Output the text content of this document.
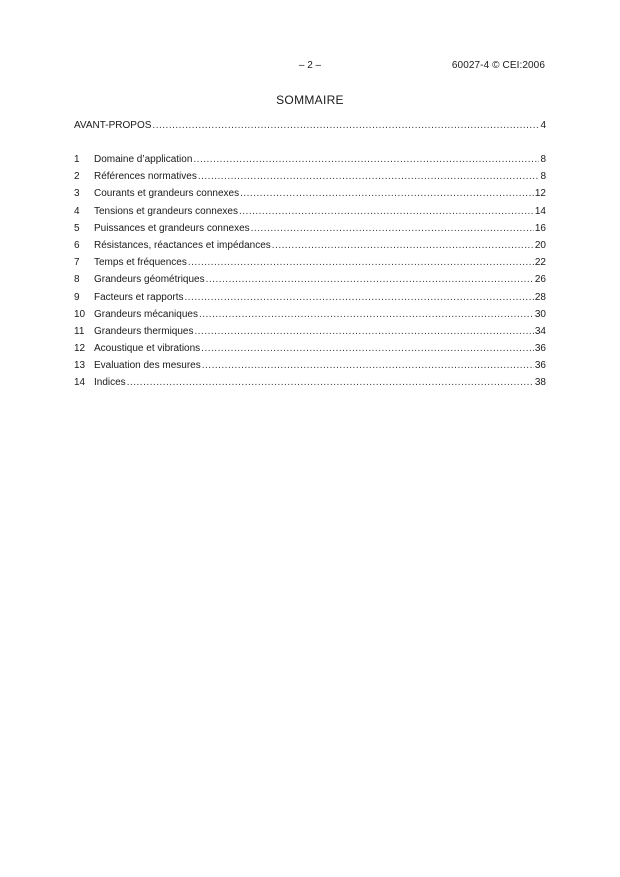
– 2 –	60027-4 © CEI:2006
SOMMAIRE
AVANT-PROPOS .....	4
1	Domaine d’application .....	8
2	Références normatives .....	8
3	Courants et grandeurs connexes .....	12
4	Tensions et grandeurs connexes .....	14
5	Puissances et grandeurs connexes .....	16
6	Résistances, réactances et impédances .....	20
7	Temps et fréquences .....	22
8	Grandeurs géométriques .....	26
9	Facteurs et rapports .....	28
10 Grandeurs mécaniques .....	30
11 Grandeurs thermiques .....	34
12 Acoustique et vibrations .....	36
13 Evaluation des mesures .....	36
14 Indices .....	38
